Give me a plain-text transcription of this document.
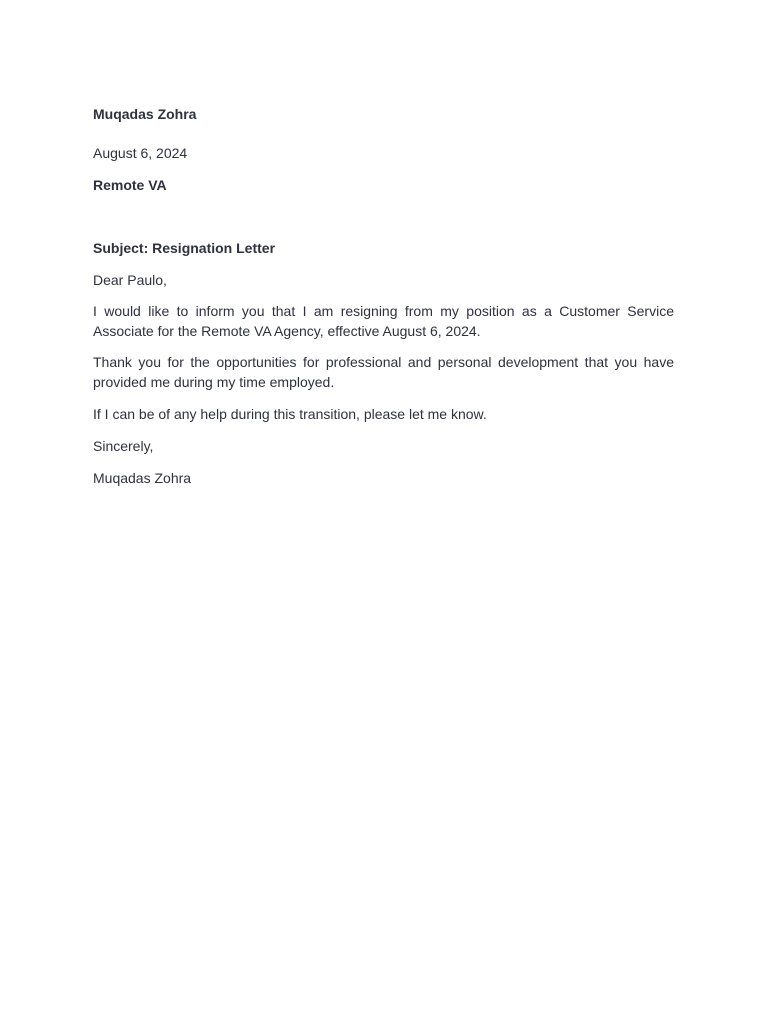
Muqadas Zohra

August 6, 2024

Remote VA

Subject: Resignation Letter

Dear Paulo,

I would like to inform you that I am resigning from my position as a Customer Service Associate for the Remote VA Agency, effective August 6, 2024.

Thank you for the opportunities for professional and personal development that you have provided me during my time employed.

If I can be of any help during this transition, please let me know.

Sincerely,

Muqadas Zohra
